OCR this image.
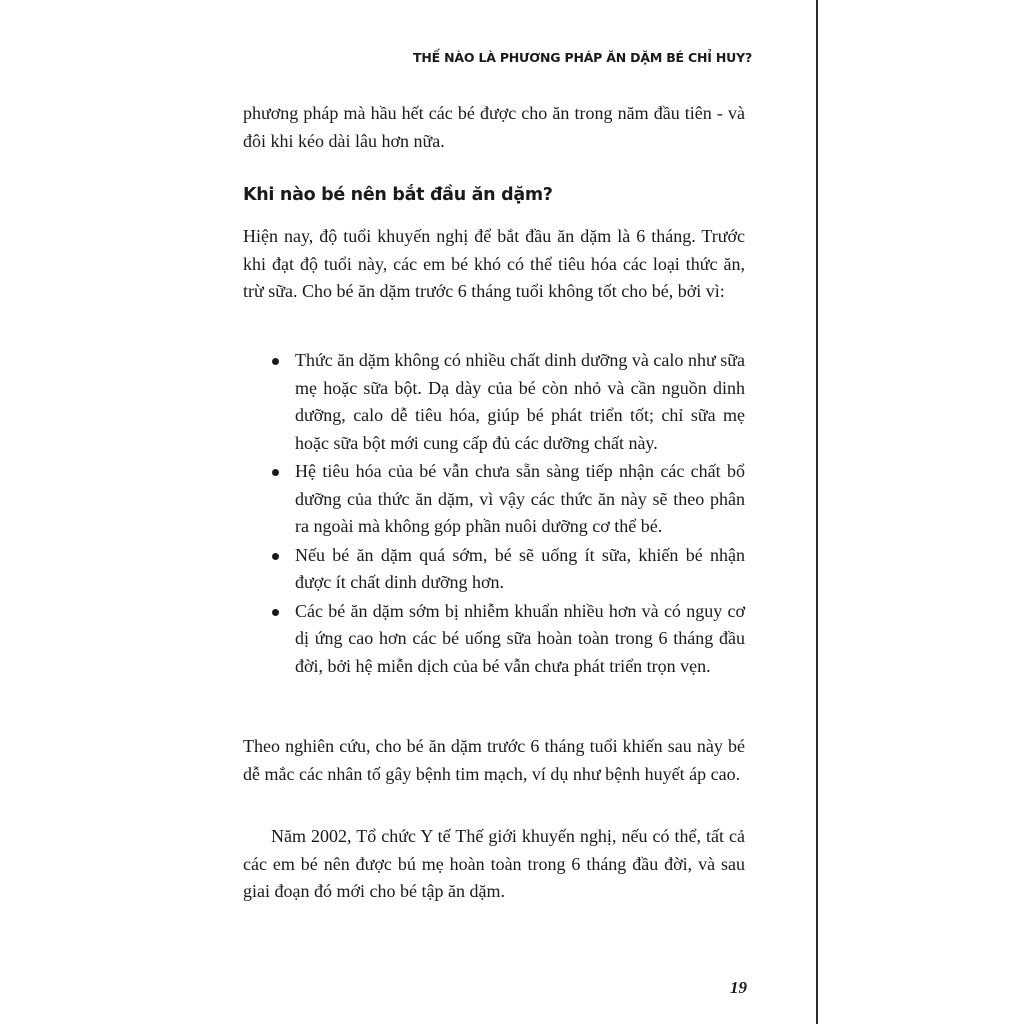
THẾ NÀO LÀ PHƯƠNG PHÁP ĂN DẶM BÉ CHỈ HUY?

phương pháp mà hầu hết các bé được cho ăn trong năm đầu tiên - và đôi khi kéo dài lâu hơn nữa.

Khi nào bé nên bắt đầu ăn dặm?

Hiện nay, độ tuổi khuyến nghị để bắt đầu ăn dặm là 6 tháng. Trước khi đạt độ tuổi này, các em bé khó có thể tiêu hóa các loại thức ăn, trừ sữa. Cho bé ăn dặm trước 6 tháng tuổi không tốt cho bé, bởi vì:

Thức ăn dặm không có nhiều chất dinh dưỡng và calo như sữa mẹ hoặc sữa bột. Dạ dày của bé còn nhỏ và cần nguồn dinh dưỡng, calo dễ tiêu hóa, giúp bé phát triển tốt; chỉ sữa mẹ hoặc sữa bột mới cung cấp đủ các dưỡng chất này.
Hệ tiêu hóa của bé vẫn chưa sẵn sàng tiếp nhận các chất bổ dưỡng của thức ăn dặm, vì vậy các thức ăn này sẽ theo phân ra ngoài mà không góp phần nuôi dưỡng cơ thể bé.
Nếu bé ăn dặm quá sớm, bé sẽ uống ít sữa, khiến bé nhận được ít chất dinh dưỡng hơn.
Các bé ăn dặm sớm bị nhiễm khuẩn nhiều hơn và có nguy cơ dị ứng cao hơn các bé uống sữa hoàn toàn trong 6 tháng đầu đời, bởi hệ miễn dịch của bé vẫn chưa phát triển trọn vẹn.

Theo nghiên cứu, cho bé ăn dặm trước 6 tháng tuổi khiến sau này bé dễ mắc các nhân tố gây bệnh tim mạch, ví dụ như bệnh huyết áp cao.

Năm 2002, Tổ chức Y tế Thế giới khuyến nghị, nếu có thể, tất cả các em bé nên được bú mẹ hoàn toàn trong 6 tháng đầu đời, và sau giai đoạn đó mới cho bé tập ăn dặm.

19
